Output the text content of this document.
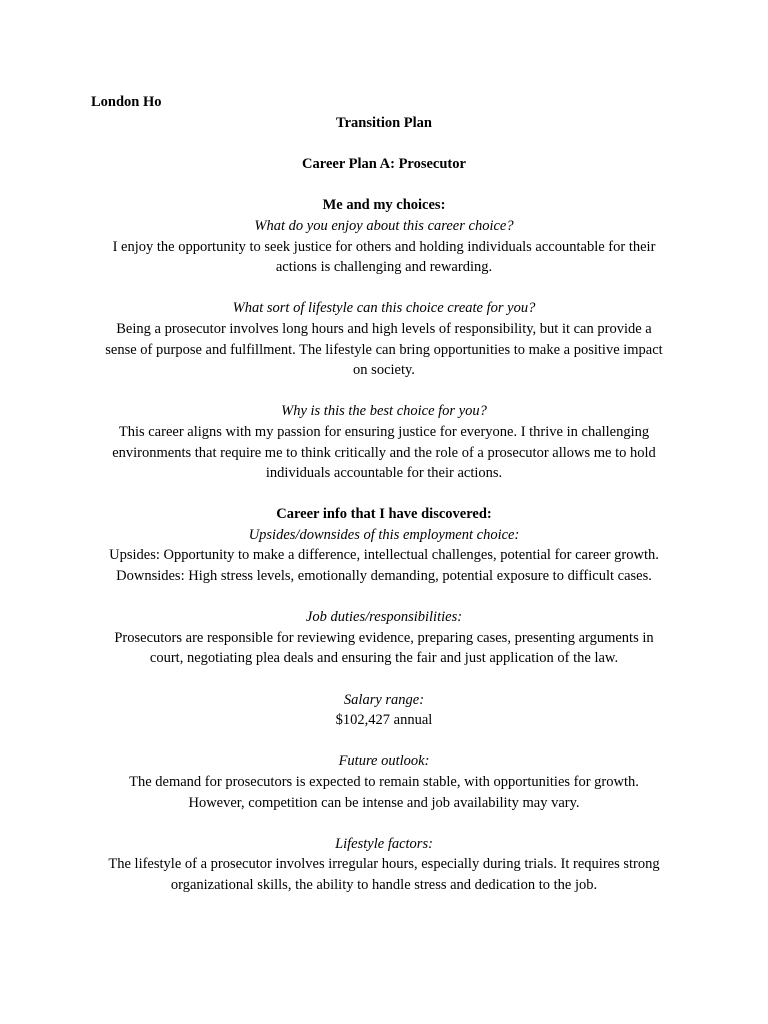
London Ho

Transition Plan

Career Plan A: Prosecutor

Me and my choices:

What do you enjoy about this career choice?

I enjoy the opportunity to seek justice for others and holding individuals accountable for their

actions is challenging and rewarding.

What sort of lifestyle can this choice create for you?

Being a prosecutor involves long hours and high levels of responsibility, but it can provide a

sense of purpose and fulfillment. The lifestyle can bring opportunities to make a positive impact

on society.

Why is this the best choice for you?

This career aligns with my passion for ensuring justice for everyone. I thrive in challenging

environments that require me to think critically and the role of a prosecutor allows me to hold

individuals accountable for their actions.

Career info that I have discovered:

Upsides/downsides of this employment choice:

Upsides: Opportunity to make a difference, intellectual challenges, potential for career growth.

Downsides: High stress levels, emotionally demanding, potential exposure to difficult cases.

Job duties/responsibilities:

Prosecutors are responsible for reviewing evidence, preparing cases, presenting arguments in

court, negotiating plea deals and ensuring the fair and just application of the law.

Salary range:

$102,427 annual

Future outlook:

The demand for prosecutors is expected to remain stable, with opportunities for growth.

However, competition can be intense and job availability may vary.

Lifestyle factors:

The lifestyle of a prosecutor involves irregular hours, especially during trials. It requires strong

organizational skills, the ability to handle stress and dedication to the job.
